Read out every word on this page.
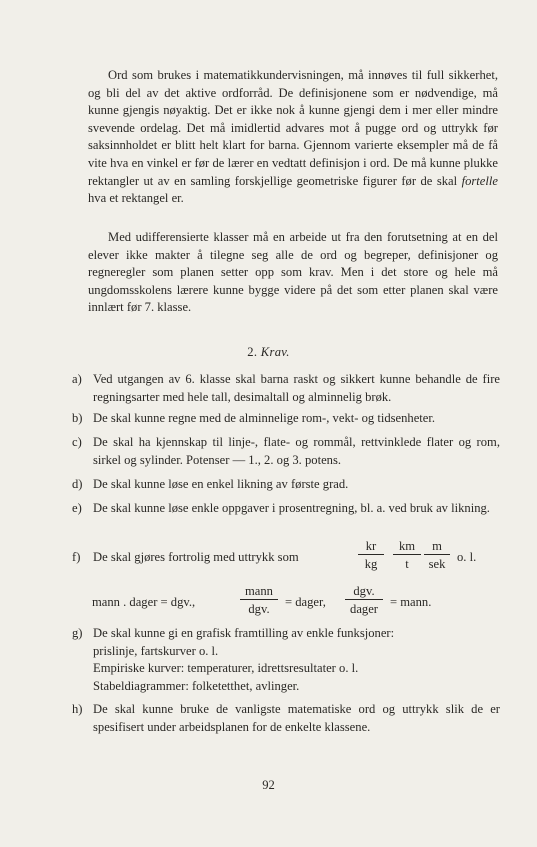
Ord som brukes i matematikkundervisningen, må innøves til full sikkerhet, og bli del av det aktive ordforråd. De definisjonene som er nødvendige, må kunne gjengis nøyaktig. Det er ikke nok å kunne gjengi dem i mer eller mindre svevende ordelag. Det må imidlertid advares mot å pugge ord og uttrykk før saksinnholdet er blitt helt klart for barna. Gjennom varierte eksempler må de få vite hva en vinkel er før de lærer en vedtatt definisjon i ord. De må kunne plukke rektangler ut av en samling forskjellige geometriske figurer før de skal fortelle hva et rektangel er.
Med udifferensierte klasser må en arbeide ut fra den forutsetning at en del elever ikke makter å tilegne seg alle de ord og begreper, definisjoner og regneregler som planen setter opp som krav. Men i det store og hele må ungdomsskolens lærere kunne bygge videre på det som etter planen skal være innlært før 7. klasse.
2. Krav.
a) Ved utgangen av 6. klasse skal barna raskt og sikkert kunne behandle de fire regningsarter med hele tall, desimaltall og alminnelig brøk.
b) De skal kunne regne med de alminnelige rom-, vekt- og tidsenheter.
c) De skal ha kjennskap til linje-, flate- og rommål, rettvinklede flater og rom, sirkel og sylinder. Potenser — 1., 2. og 3. potens.
d) De skal kunne løse en enkel likning av første grad.
e) De skal kunne løse enkle oppgaver i prosentregning, bl. a. ved bruk av likning.
f) De skal gjøres fortrolig med uttrykk som	$\frac{kr}{kg} \frac{km}{t}$ m
sek o. l.
mann . dager = dgv.,
mann
dgv.	= dager,
dgv.
dager = mann.
g) De skal kunne gi en grafisk framtilling av enkle funksjoner:
prislinje, fartskurver o. l.
Empiriske kurver: temperaturer, idrettsresultater o. l.
Stabeldiagrammer: folketetthet, avlinger.
h) De skal kunne bruke de vanligste matematiske ord og uttrykk slik de er spesifisert under arbeidsplanen for de enkelte klassene.
92
